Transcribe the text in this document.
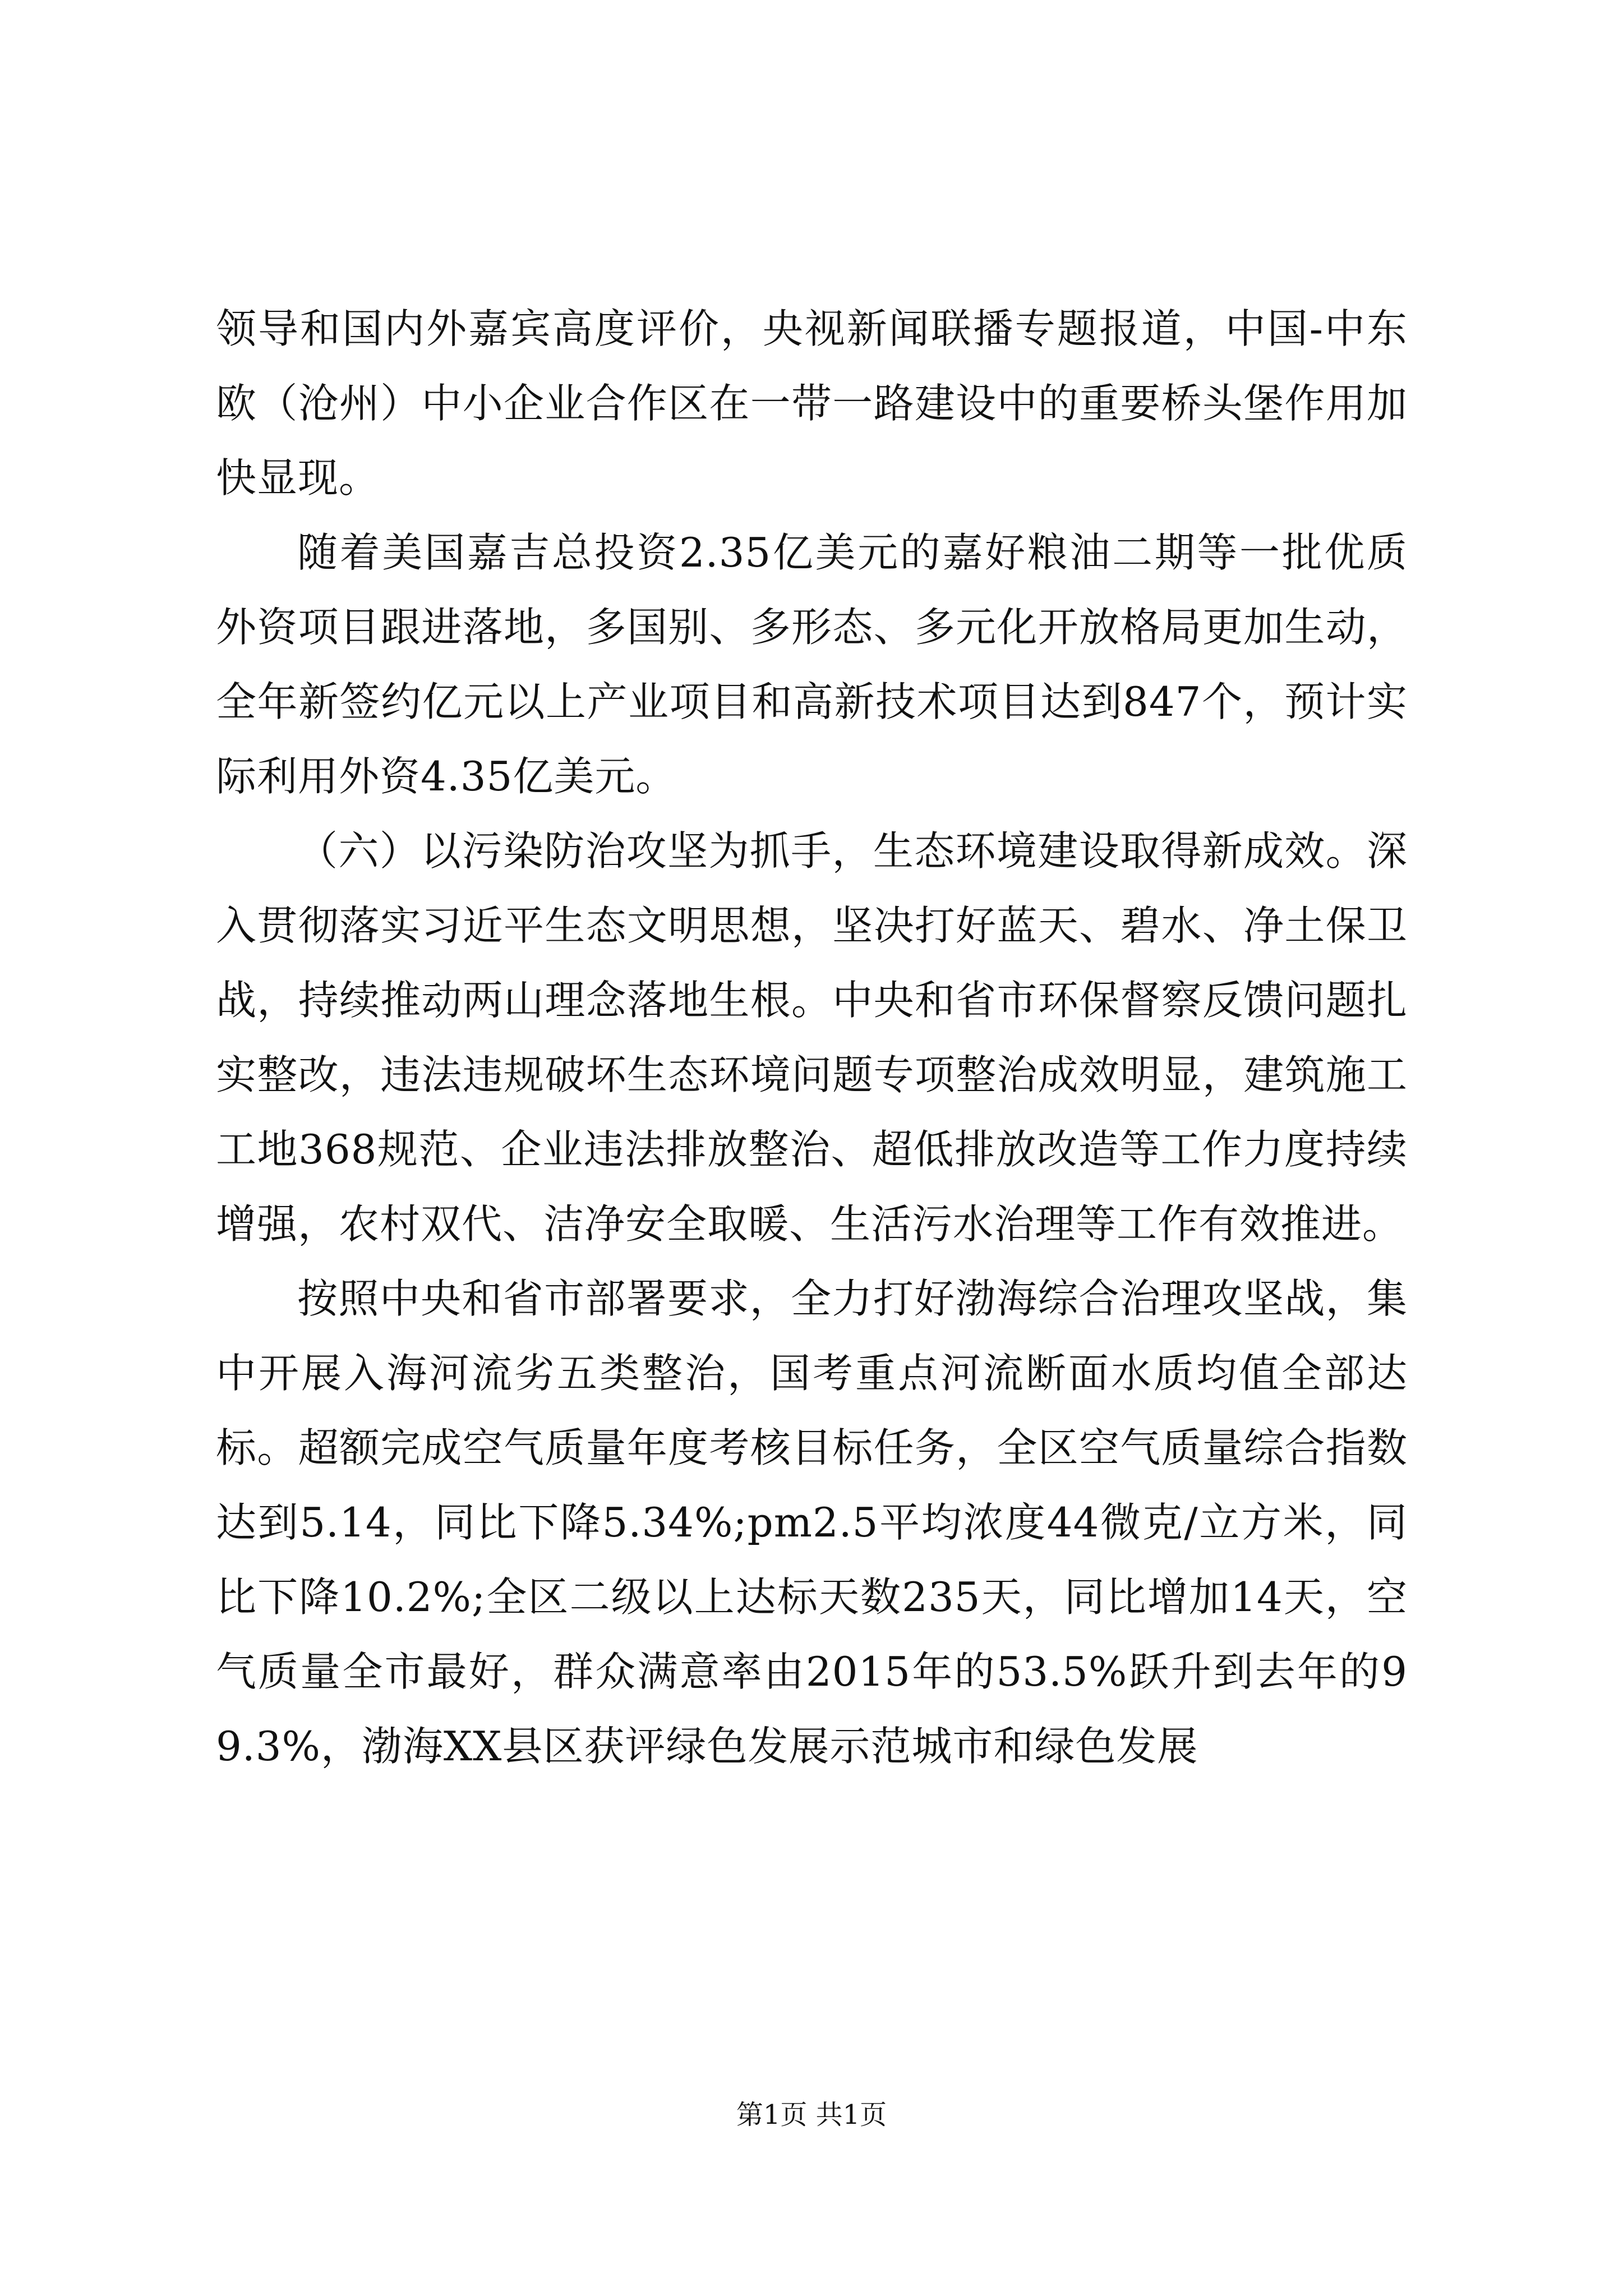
领导和国内外嘉宾高度评价，央视新闻联播专题报道，中国-中东欧（沧州）中小企业合作区在一带一路建设中的重要桥头堡作用加快显现。

随着美国嘉吉总投资2.35亿美元的嘉好粮油二期等一批优质外资项目跟进落地，多国别、多形态、多元化开放格局更加生动，全年新签约亿元以上产业项目和高新技术项目达到847个，预计实际利用外资4.35亿美元。

（六）以污染防治攻坚为抓手，生态环境建设取得新成效。深入贯彻落实习近平生态文明思想，坚决打好蓝天、碧水、净土保卫战，持续推动两山理念落地生根。中央和省市环保督察反馈问题扎实整改，违法违规破坏生态环境问题专项整治成效明显，建筑施工工地368规范、企业违法排放整治、超低排放改造等工作力度持续增强，农村双代、洁净安全取暖、生活污水治理等工作有效推进。

按照中央和省市部署要求，全力打好渤海综合治理攻坚战，集中开展入海河流劣五类整治，国考重点河流断面水质均值全部达标。超额完成空气质量年度考核目标任务，全区空气质量综合指数达到5.14，同比下降5.34%;pm2.5平均浓度44微克/立方米，同比下降10.2%;全区二级以上达标天数235天，同比增加14天，空气质量全市最好，群众满意率由2015年的53.5%跃升到去年的99.3%，渤海XX县区获评绿色发展示范城市和绿色发展

第1页 共1页
